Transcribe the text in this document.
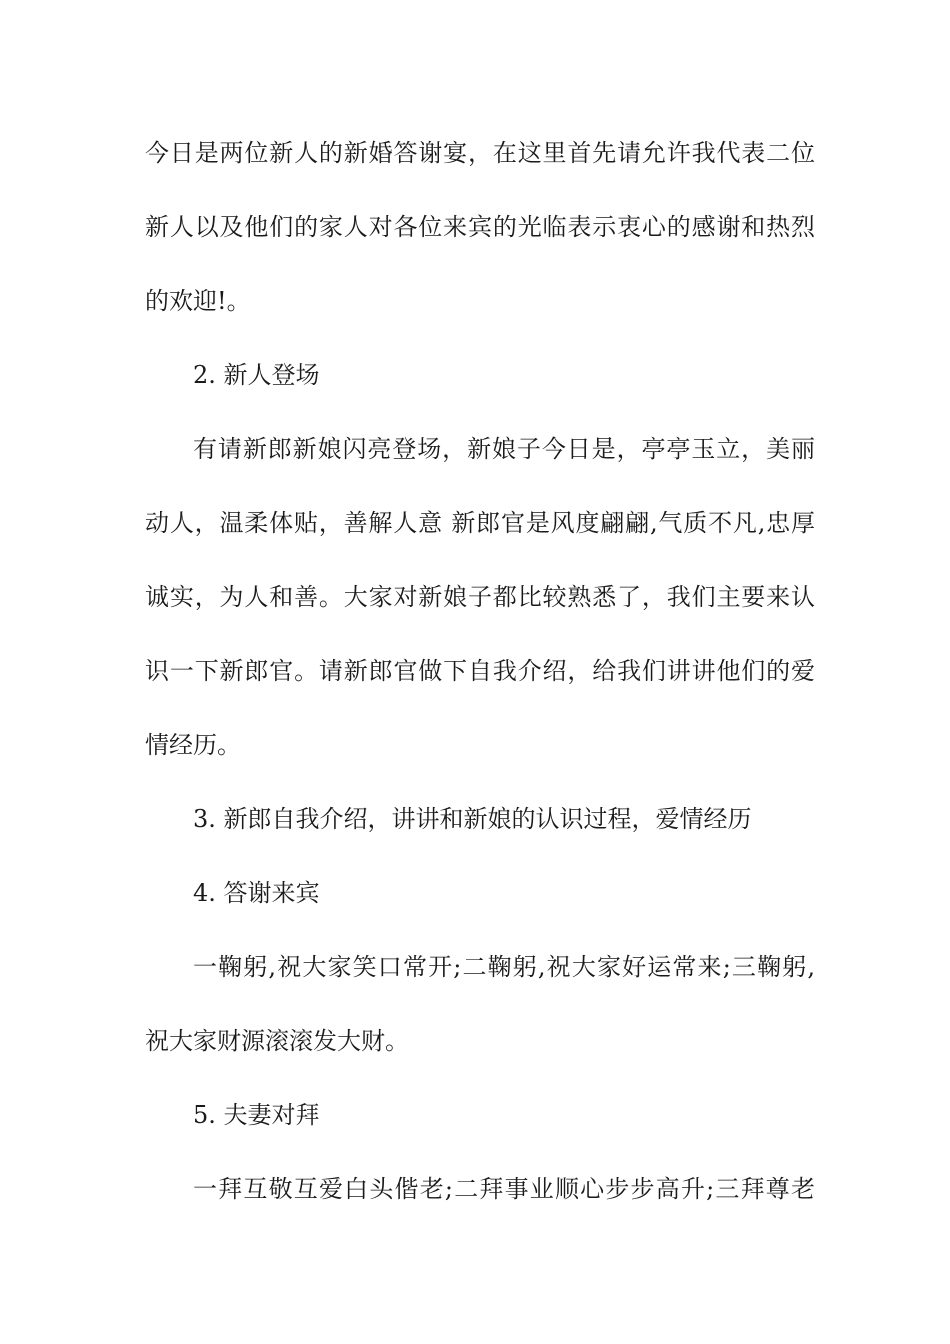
今日是两位新人的新婚答谢宴，在这里首先请允许我代表二位
新人以及他们的家人对各位来宾的光临表示衷心的感谢和热烈
的欢迎!。
2. 新人登场
有请新郎新娘闪亮登场，新娘子今日是，亭亭玉立，美丽
动人，温柔体贴，善解人意 新郎官是风度翩翩,气质不凡,忠厚
诚实，为人和善。大家对新娘子都比较熟悉了，我们主要来认
识一下新郎官。请新郎官做下自我介绍，给我们讲讲他们的爱
情经历。
3. 新郎自我介绍，讲讲和新娘的认识过程，爱情经历
4. 答谢来宾
一鞠躬,祝大家笑口常开;二鞠躬,祝大家好运常来;三鞠躬,
祝大家财源滚滚发大财。
5. 夫妻对拜
一拜互敬互爱白头偕老;二拜事业顺心步步高升;三拜尊老
